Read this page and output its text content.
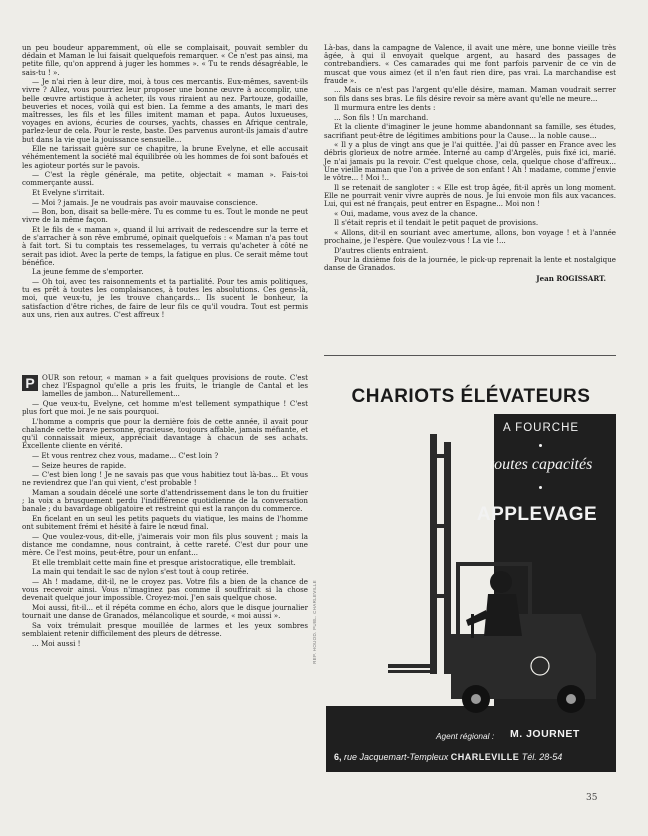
un peu boudeur apparemment, où elle se complaisait, pouvait sembler du dédain et Maman le lui faisait quelquefois remarquer. « Ce n'est pas ainsi, ma petite fille, qu'on apprend à juger les hommes ». « Tu te rends désagréable, le sais-tu ! ».

— Je n'ai rien à leur dire, moi, à tous ces mercantis. Eux-mêmes, savent-ils vivre ? Allez, vous pourriez leur proposer une bonne œuvre à accomplir, une belle œuvre artistique à acheter, ils vous riraient au nez. Partouze, godaille, beuveries et noces, voilà qui est bien. La femme a des amants, le mari des maîtresses, les fils et les filles imitent maman et papa. Autos luxueuses, voyages en avions, écuries de courses, yachts, chasses en Afrique centrale, parlez-leur de cela. Pour le reste, baste. Des parvenus auront-ils jamais d'autre but dans la vie que la jouissance sensuelle...

Elle ne tarissait guère sur ce chapitre, la brune Evelyne, et elle accusait véhémentement la société mal équilibrée où les hommes de foi sont bafoués et les agioteur portés sur le pavois.

— C'est la règle générale, ma petite, objectait « maman ». Fais-toi commerçante aussi.

Et Evelyne s'irritait.

— Moi ? jamais. Je ne voudrais pas avoir mauvaise conscience.

— Bon, bon, disait sa belle-mère. Tu es comme tu es. Tout le monde ne peut vivre de la même façon.

Et le fils de « maman », quand il lui arrivait de redescendre sur la terre et de s'arracher à son rêve embrumé, opinait quelquefois : « Maman n'a pas tout à fait tort. Si tu comptais tes ressemelages, tu verrais qu'acheter à côté ne serait pas idiot. Avec la perte de temps, la fatigue en plus. Ce serait même tout bénéfice.

La jeune femme de s'emporter.

— Oh toi, avec tes raisonnements et ta partialité. Pour tes amis politiques, tu es prêt à toutes les complaisances, à toutes les absolutions. Ces gens-là, moi, que veux-tu, je les trouve chançards... Ils sucent le bonheur, la satisfaction d'être riches, de faire de leur fils ce qu'il voudra. Tout est permis aux uns, rien aux autres. C'est affreux !

P	OUR son retour, « maman » a fait quelques provisions de route. C'est chez l'Espagnol qu'elle a pris les fruits, le triangle de Cantal et les lamelles de jambon... Naturellement...

— Que veux-tu, Evelyne, cet homme m'est tellement sympathique ! C'est plus fort que moi. Je ne sais pourquoi.

L'homme a compris que pour la dernière fois de cette année, il avait pour chalande cette brave personne, gracieuse, toujours affable, jamais méfiante, et qu'il connaissait mieux, appréciait davantage à chacun de ses achats. Excellente cliente en vérité.

— Et vous rentrez chez vous, madame... C'est loin ?

— Seize heures de rapide.

— C'est bien long ! Je ne savais pas que vous habitiez tout là-bas... Et vous ne reviendrez que l'an qui vient, c'est probable !

Maman a soudain décelé une sorte d'attendrissement dans le ton du fruitier ; la voix a brusquement perdu l'indifférence quotidienne de la conversation banale ; du bavardage obligatoire et restreint qui est la rançon du commerce.

En ficelant en un seul les petits paquets du viatique, les mains de l'homme ont subitement frémi et hésité à faire le nœud final.

— Que voulez-vous, dit-elle, j'aimerais voir mon fils plus souvent ; mais la distance me condamne, nous contraint, à cette rareté. C'est dur pour une mère. Ce l'est moins, peut-être, pour un enfant...

Et elle tremblait cette main fine et presque aristocratique, elle tremblait.

La main qui tendait le sac de nylon s'est tout à coup retirée.

— Ah ! madame, dit-il, ne le croyez pas. Votre fils a bien de la chance de vous recevoir ainsi. Vous n'imaginez pas comme il souffrirait si la chose devenait quelque jour impossible. Croyez-moi. J'en sais quelque chose.

Moi aussi, fit-il... et il répéta comme en écho, alors que le disque journalier tournait une danse de Granados, mélancolique et sourde, « moi aussi ».

Sa voix trémulait presque mouillée de larmes et les yeux sombres semblaient retenir difficilement des pleurs de détresse.

... Moi aussi !

Là-bas, dans la campagne de Valence, il avait une mère, une bonne vieille très âgée, à qui il envoyait quelque argent, au hasard des passages de contrebandiers. « Ces camarades qui me font parfois parvenir de ce vin de muscat que vous aimez (et il n'en faut rien dire, pas vrai. La marchandise est fraude ».

... Mais ce n'est pas l'argent qu'elle désire, maman. Maman voudrait serrer son fils dans ses bras. Le fils désire revoir sa mère avant qu'elle ne meure...

Il murmura entre les dents :

... Son fils ! Un marchand.

Et la cliente d'imaginer le jeune homme abandonnant sa famille, ses études, sacrifiant peut-être de légitimes ambitions pour la Cause... la noble cause...

« Il y a plus de vingt ans que je l'ai quittée. J'ai dû passer en France avec les débris glorieux de notre armée. Interné au camp d'Argelès, puis fixé ici, marié. Je n'ai jamais pu la revoir. C'est quelque chose, cela, quelque chose d'affreux... Une vieille maman que l'on a privée de son enfant ! Ah ! madame, comme j'envie le vôtre... ! Moi !..

Il se retenait de sangloter : « Elle est trop âgée, fit-il après un long moment. Elle ne pourrait venir vivre auprès de nous. Je lui envoie mon fils aux vacances. Lui, qui est né français, peut entrer en Espagne... Moi non !

« Oui, madame, vous avez de la chance.

Il s'était repris et il tendait le petit paquet de provisions.

« Allons, dit-il en souriant avec amertume, allons, bon voyage ! et à l'année prochaine, je l'espère. Que voulez-vous ! La vie !...

D'autres clients entraient.

Pour la dixième fois de la journée, le pick-up reprenait la lente et nostalgique danse de Granados.

Jean ROGISSART.
REP. HOUOD. PUBL. CHARLEVILLE
CHARIOTS ÉLÉVATEURS
A FOURCHE
toutes capacités
APPLEVAGE
Agent régional : M. JOURNET
6, rue Jacquemart-Templeux CHARLEVILLE Tél. 28-54
35
